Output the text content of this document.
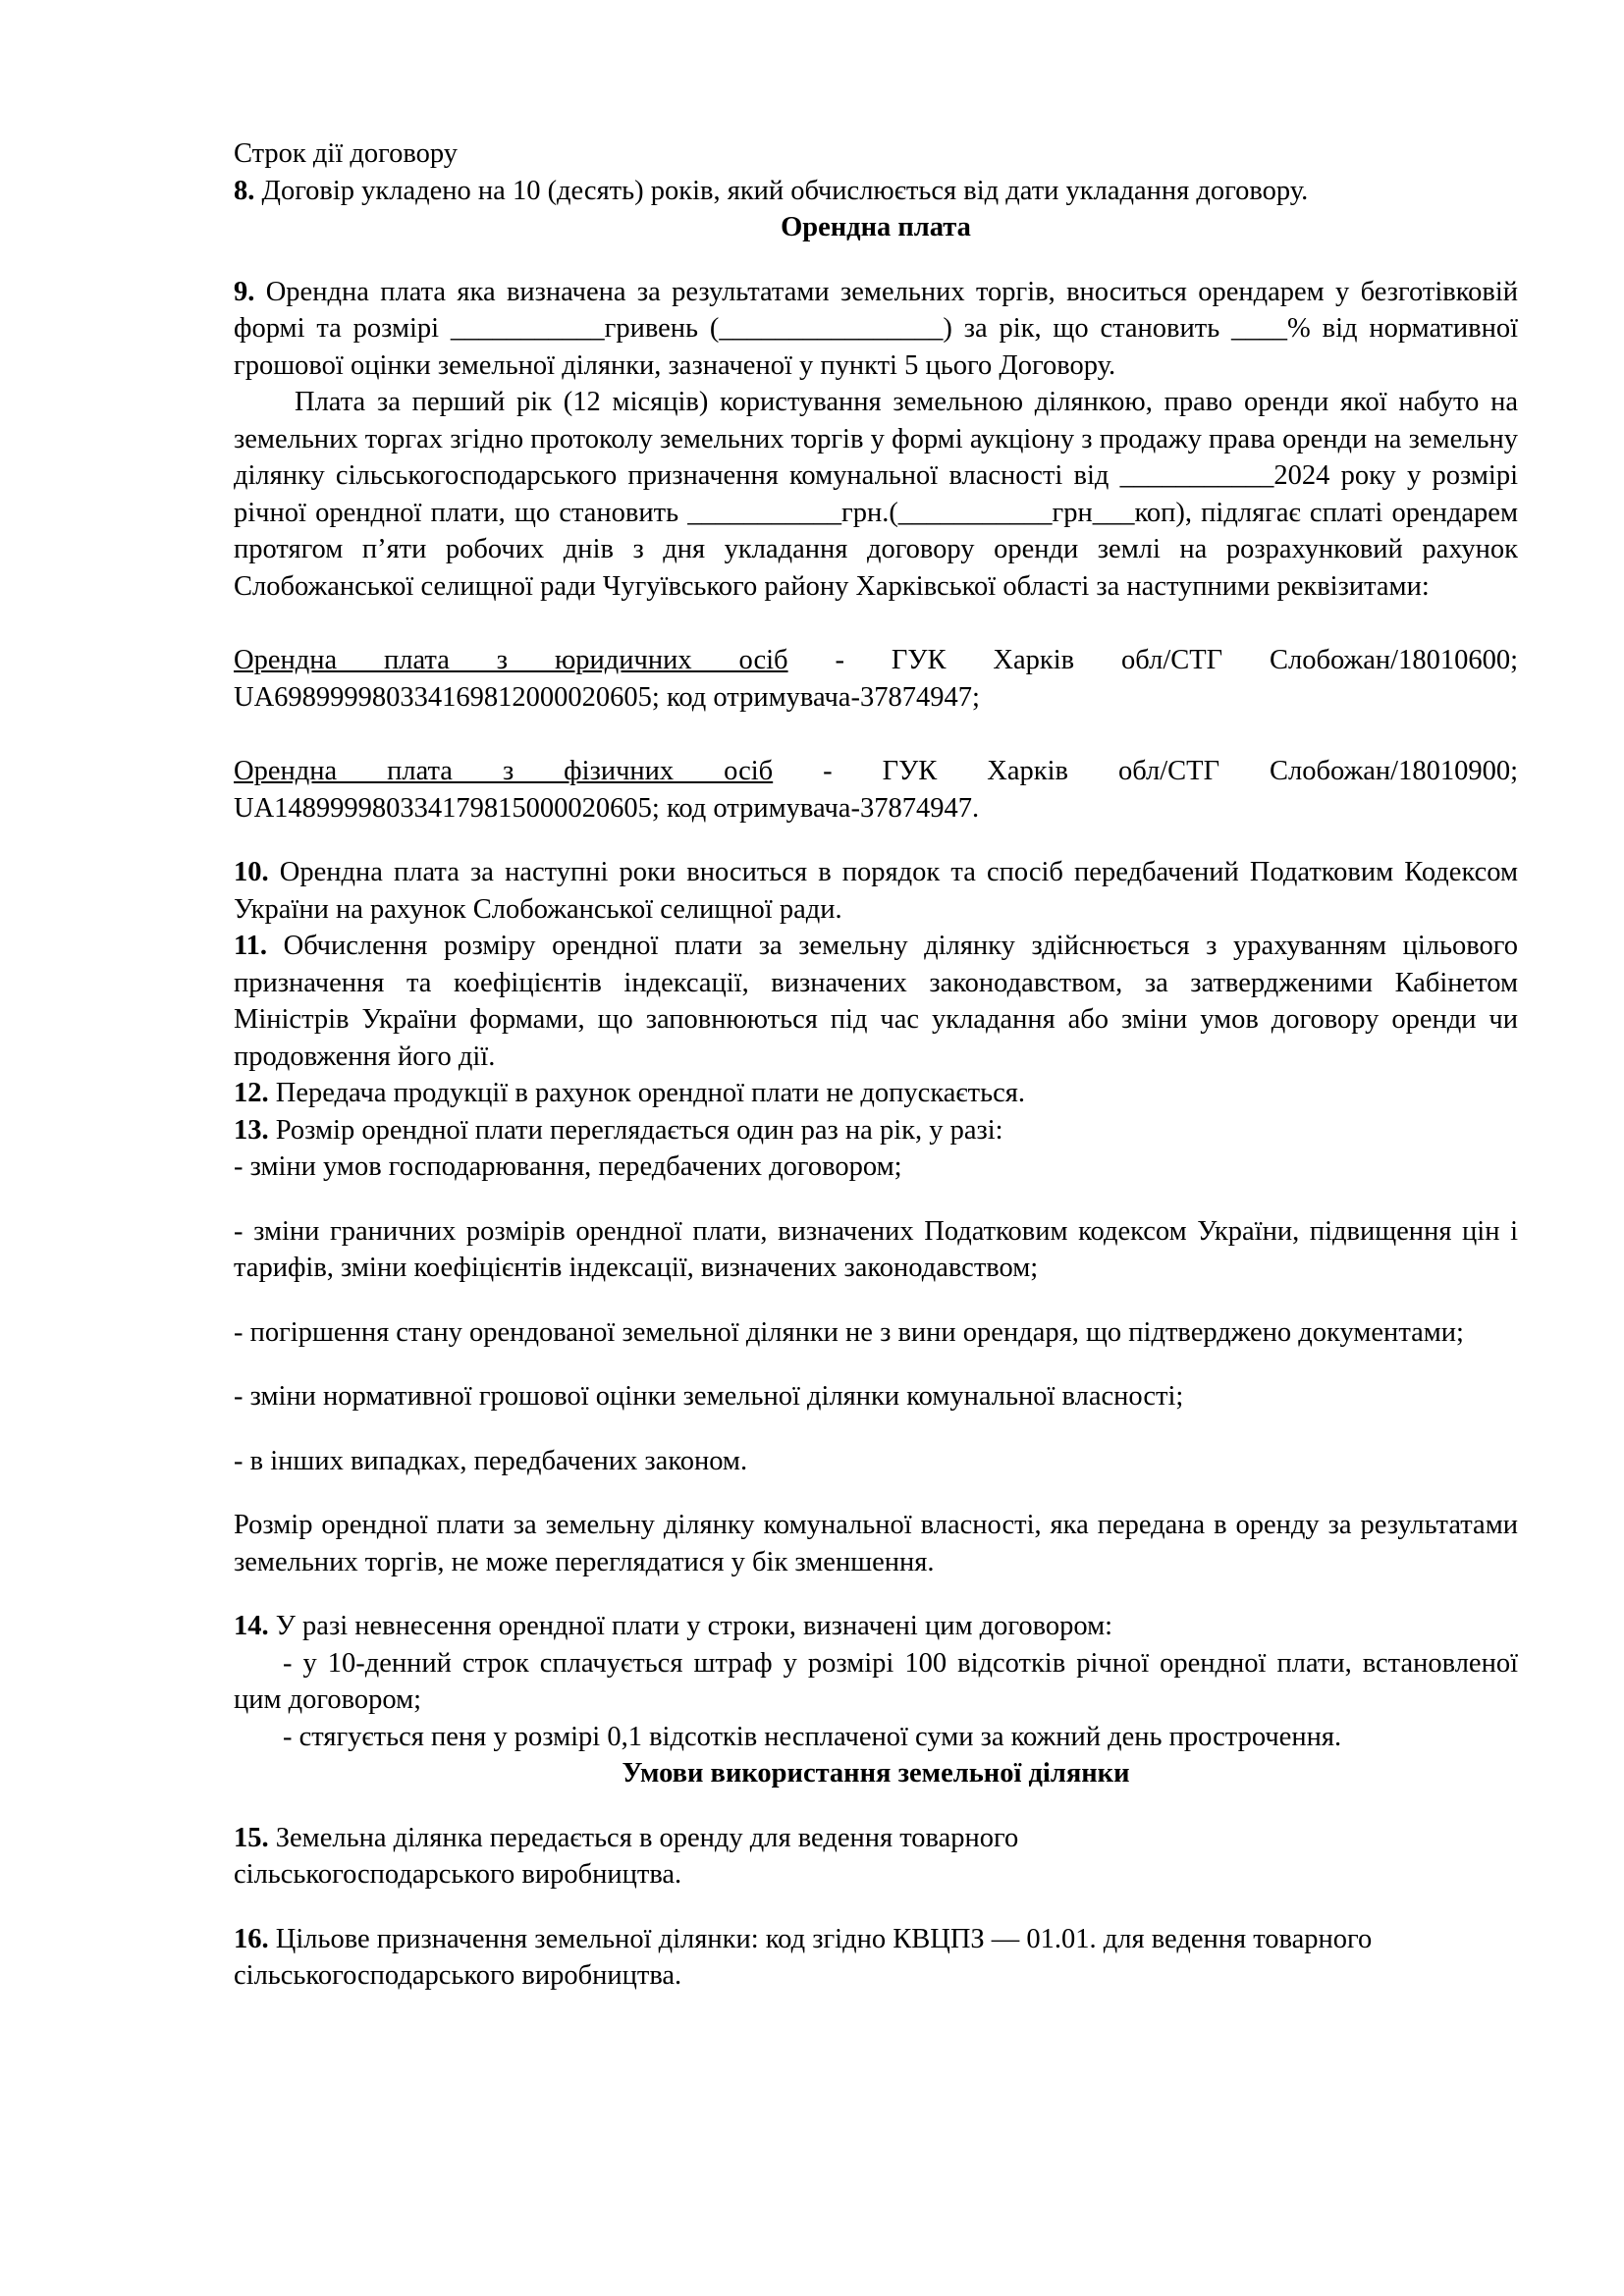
Строк дії договору

8. Договір укладено на 10 (десять) років, який обчислюється від дати укладання договору.

Орендна плата

9. Орендна плата яка визначена за результатами земельних торгів, вноситься орендарем у безготівковій формі та розмірі ___________гривень (________________) за рік, що становить ____% від нормативної грошової оцінки земельної ділянки, зазначеної у пункті 5 цього Договору.

Плата за перший рік (12 місяців) користування земельною ділянкою, право оренди якої набуто на земельних торгах згідно протоколу земельних торгів у формі аукціону з продажу права оренди на земельну ділянку сільськогосподарського призначення комунальної власності від ___________2024 року у розмірі річної орендної плати, що становить ___________грн.(___________грн___коп), підлягає сплаті орендарем протягом п’яти робочих днів з дня укладання договору оренди землі на розрахунковий рахунок Слобожанської селищної ради Чугуївського району Харківської області за наступними реквізитами:

Орендна плата з юридичних осіб - ГУК Харків обл/СТГ Слобожан/18010600; UA698999980334169812000020605; код отримувача-37874947;

Орендна плата з фізичних осіб - ГУК Харків обл/СТГ Слобожан/18010900; UA148999980334179815000020605; код отримувача-37874947.

10. Орендна плата за наступні роки вноситься в порядок та спосіб передбачений Податковим Кодексом України на рахунок Слобожанської селищної ради.

11. Обчислення розміру орендної плати за земельну ділянку здійснюється з урахуванням цільового призначення та коефіцієнтів індексації, визначених законодавством, за затвердженими Кабінетом Міністрів України формами, що заповнюються під час укладання або зміни умов договору оренди чи продовження його дії.

12. Передача продукції в рахунок орендної плати не допускається.

13. Розмір орендної плати переглядається один раз на рік, у разі:

- зміни умов господарювання, передбачених договором;

- зміни граничних розмірів орендної плати, визначених Податковим кодексом України, підвищення цін і тарифів, зміни коефіцієнтів індексації, визначених законодавством;

- погіршення стану орендованої земельної ділянки не з вини орендаря, що підтверджено документами;

- зміни нормативної грошової оцінки земельної ділянки комунальної власності;

- в інших випадках, передбачених законом.

Розмір орендної плати за земельну ділянку комунальної власності, яка передана в оренду за результатами земельних торгів, не може переглядатися у бік зменшення.

14. У разі невнесення орендної плати у строки, визначені цим договором:

- у 10-денний строк сплачується штраф у розмірі 100 відсотків річної орендної плати, встановленої цим договором;

- стягується пеня у розмірі 0,1 відсотків несплаченої суми за кожний день прострочення.

Умови використання земельної ділянки

15. Земельна ділянка передається в оренду для ведення товарного сільськогосподарського виробництва.

16. Цільове призначення земельної ділянки: код згідно КВЦПЗ — 01.01. для ведення товарного сільськогосподарського виробництва.
